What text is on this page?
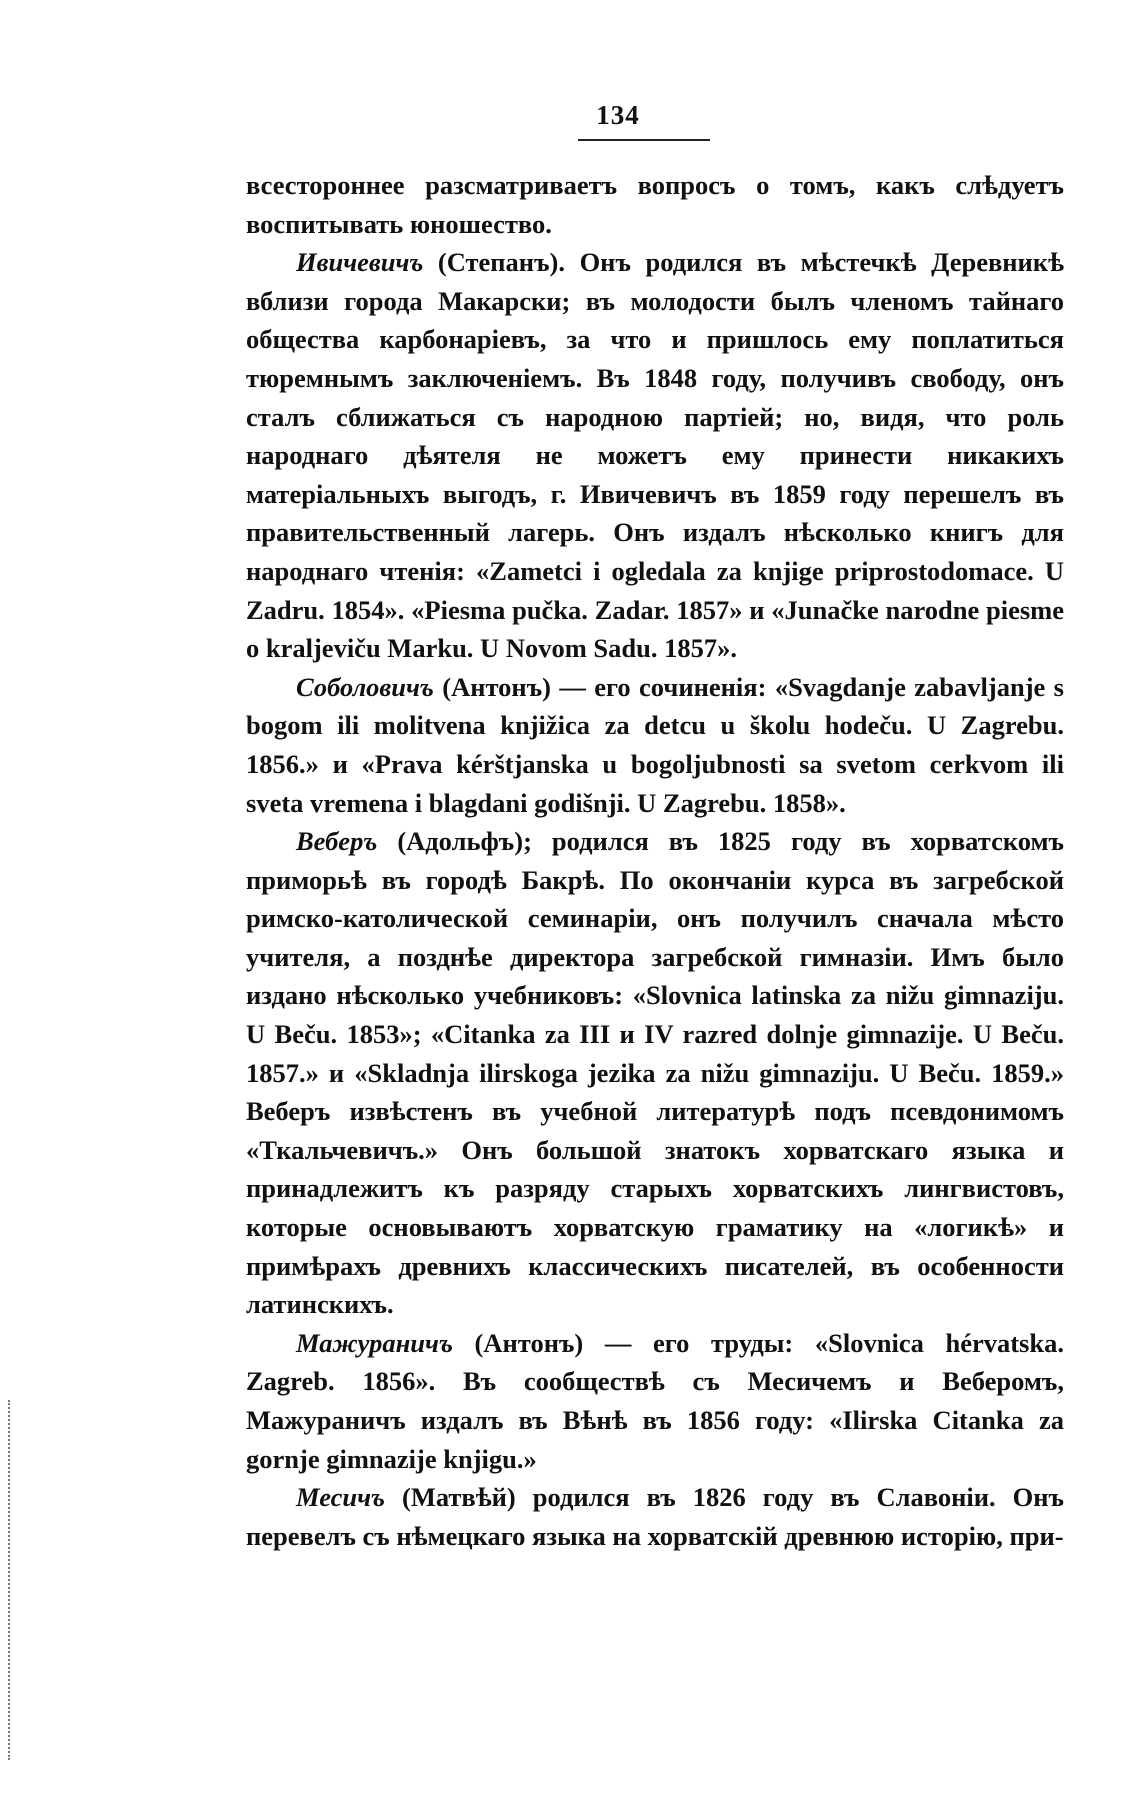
134

всестороннее разсматриваетъ вопросъ о томъ, какъ слѣдуетъ воспитывать юношество.

Ивичевичъ (Степанъ). Онъ родился въ мѣстечкѣ Деревникѣ вблизи города Макарски; въ молодости былъ членомъ тайнаго общества карбонаріевъ, за что и пришлось ему поплатиться тюремнымъ заключеніемъ. Въ 1848 году, получивъ свободу, онъ сталъ сближаться съ народною партіей; но, видя, что роль народнаго дѣятеля не можетъ ему принести никакихъ матеріальныхъ выгодъ, г. Ивичевичъ въ 1859 году перешелъ въ правительственный лагерь. Онъ издалъ нѣсколько книгъ для народнаго чтенія: «Zametci i ogledala za knjige priprostodomace. U Zadru. 1854». «Piesma pučka. Zadar. 1857» и «Junačke narodne piesme o kraljeviču Marku. U Novom Sadu. 1857».

Соболовичъ (Антонъ) — его сочиненія: «Svagdanje zabavljanje s bogom ili molitvena knjižica za detcu u školu hodeču. U Zagrebu. 1856.» и «Prava kérštjanska u bogoljubnosti sa svetom cerkvom ili sveta vremena i blagdani godišnji. U Zagrebu. 1858».

Веберъ (Адольфъ); родился въ 1825 году въ хорватскомъ приморьѣ въ городѣ Бакрѣ. По окончаніи курса въ загребской римско-католической семинаріи, онъ получилъ сначала мѣсто учителя, а позднѣе директора загребской гимназіи. Имъ было издано нѣсколько учебниковъ: «Slovnica latinska za nižu gimnaziju. U Beču. 1853»; «Citanka za III и IV razred dolnje gimnazije. U Beču. 1857.» и «Skladnja ilirskoga jezika za nižu gimnaziju. U Beču. 1859.» Веберъ извѣстенъ въ учебной литературѣ подъ псевдонимомъ «Ткальчевичъ.» Онъ большой знатокъ хорватскаго языка и принадлежитъ къ разряду старыхъ хорватскихъ лингвистовъ, которые основываютъ хорватскую граматику на «логикѣ» и примѣрахъ древнихъ классическихъ писателей, въ особенности латинскихъ.

Мажураничъ (Антонъ) — его труды: «Slovnica hérvatska. Zagreb. 1856». Въ сообществѣ съ Месичемъ и Веберомъ, Мажураничъ издалъ въ Вѣнѣ въ 1856 году: «Ilirska Citanka za gornje gimnazije knjigu.»

Месичъ (Матвѣй) родился въ 1826 году въ Славоніи. Онъ перевелъ съ нѣмецкаго языка на хорватскій древнюю исторію, при-
